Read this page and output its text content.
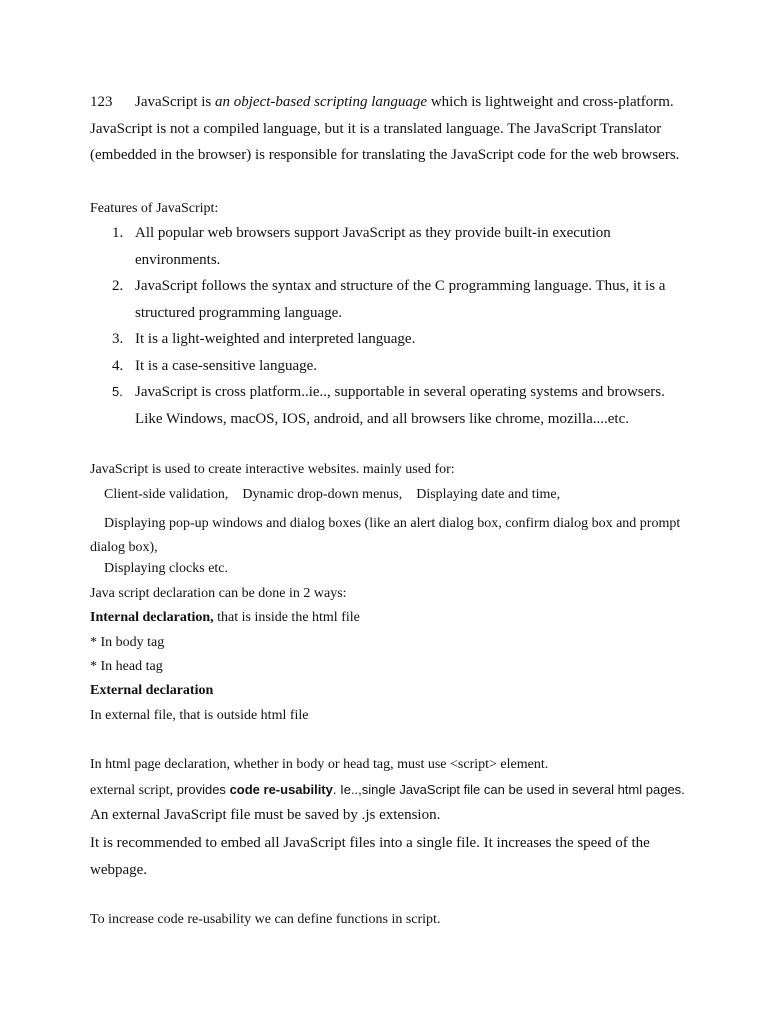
123 JavaScript is an object-based scripting language which is lightweight and cross-platform. JavaScript is not a compiled language, but it is a translated language. The JavaScript Translator (embedded in the browser) is responsible for translating the JavaScript code for the web browsers.

Features of JavaScript:

1. All popular web browsers support JavaScript as they provide built-in execution environments.
2. JavaScript follows the syntax and structure of the C programming language. Thus, it is a structured programming language.
3. It is a light-weighted and interpreted language.
4. It is a case-sensitive language.
5. JavaScript is cross platform..ie.., supportable in several operating systems and browsers. Like Windows, macOS, IOS, android, and all browsers like chrome, mozilla....etc.

JavaScript is used to create interactive websites. mainly used for:

Client-side validation, Dynamic drop-down menus, Displaying date and time,

Displaying pop-up windows and dialog boxes (like an alert dialog box, confirm dialog box and prompt dialog box),

Displaying clocks etc.

Java script declaration can be done in 2 ways:

Internal declaration, that is inside the html file

* In body tag

* In head tag

External declaration

In external file, that is outside html file

In html page declaration, whether in body or head tag, must use <script> element.

external script, provides code re-usability. Ie..,single JavaScript file can be used in several html pages.

An external JavaScript file must be saved by .js extension.

It is recommended to embed all JavaScript files into a single file. It increases the speed of the webpage.

To increase code re-usability we can define functions in script.
